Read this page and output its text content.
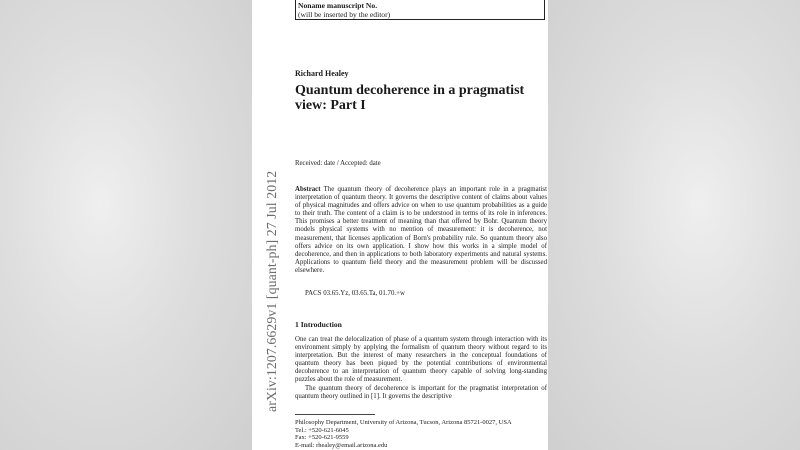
Noname manuscript No.
(will be inserted by the editor)
arXiv:1207.6629v1 [quant-ph] 27 Jul 2012
Richard Healey
Quantum decoherence in a pragmatist view: Part I
Received: date / Accepted: date
Abstract The quantum theory of decoherence plays an important role in a pragmatist interpretation of quantum theory. It governs the descriptive content of claims about values of physical magnitudes and offers advice on when to use quantum probabilities as a guide to their truth. The content of a claim is to be understood in terms of its role in inferences. This promises a better treatment of meaning than that offered by Bohr. Quantum theory models physical systems with no mention of measurement: it is decoherence, not measurement, that licenses application of Born's probability rule. So quantum theory also offers advice on its own application. I show how this works in a simple model of decoherence, and then in applications to both laboratory experiments and natural systems. Applications to quantum field theory and the measurement problem will be discussed elsewhere.
PACS 03.65.Yz, 03.65.Ta, 01.70.+w
1 Introduction

One can treat the delocalization of phase of a quantum system through interaction with its environment simply by applying the formalism of quantum theory without regard to its interpretation. But the interest of many researchers in the conceptual foundations of quantum theory has been piqued by the potential contributions of environmental decoherence to an interpretation of quantum theory capable of solving long-standing puzzles about the role of measurement.

The quantum theory of decoherence is important for the pragmatist interpretation of quantum theory outlined in [1]. It governs the descriptive

Philosophy Department, University of Arizona, Tucson, Arizona 85721-0027, USA
Tel.: +520-621-6045
Fax: +520-621-9559
E-mail: rhealey@email.arizona.edu
